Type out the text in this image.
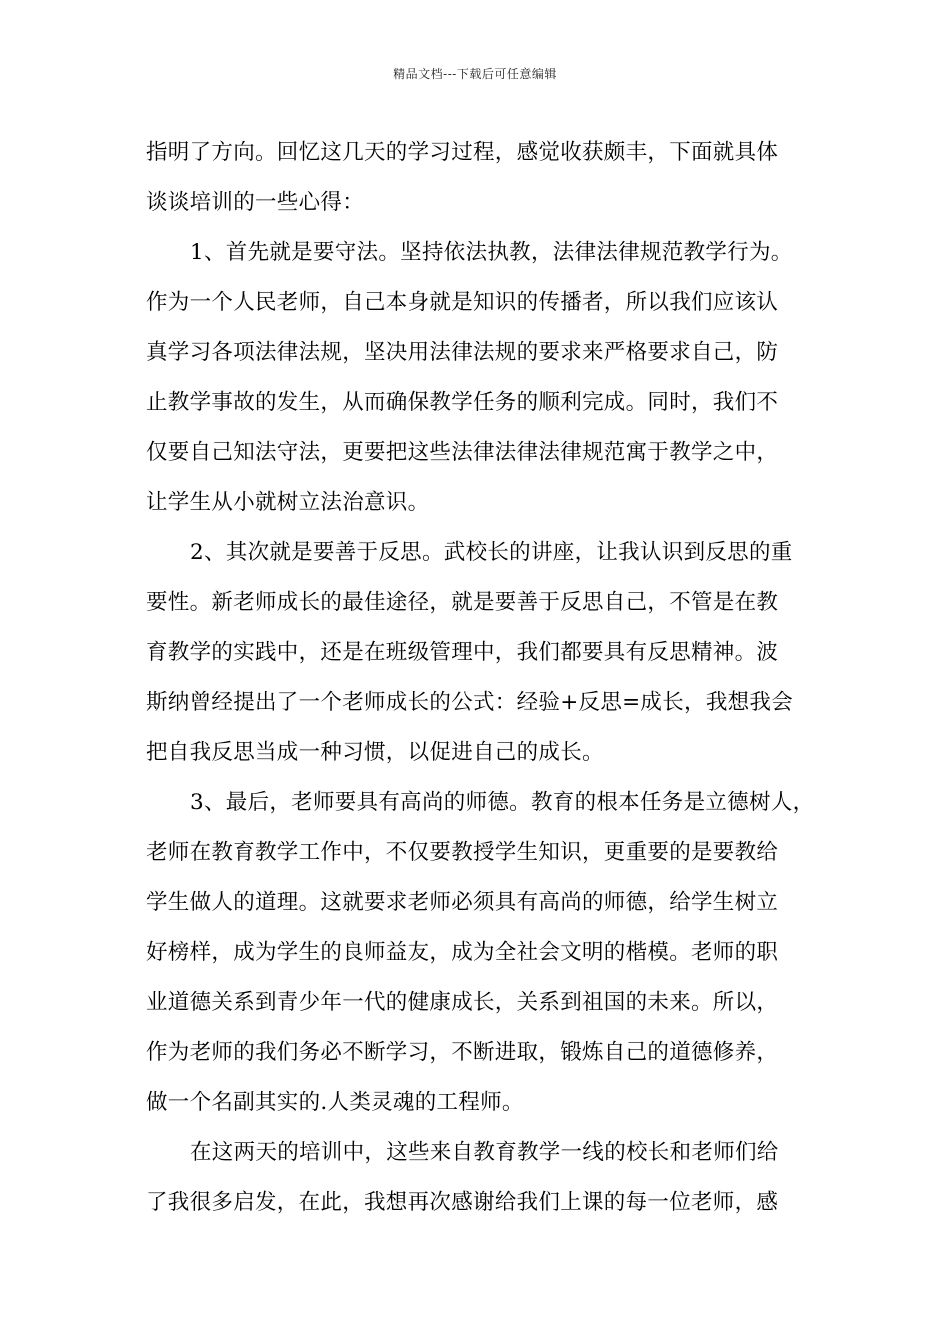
精品文档---下载后可任意编辑
指明了方向。回忆这几天的学习过程，感觉收获颇丰，下面就具体
谈谈培训的一些心得：
1、首先就是要守法。坚持依法执教，法律法律规范教学行为。
作为一个人民老师，自己本身就是知识的传播者，所以我们应该认
真学习各项法律法规，坚决用法律法规的要求来严格要求自己，防
止教学事故的发生，从而确保教学任务的顺利完成。同时，我们不
仅要自己知法守法，更要把这些法律法律法律规范寓于教学之中，
让学生从小就树立法治意识。
2、其次就是要善于反思。武校长的讲座，让我认识到反思的重
要性。新老师成长的最佳途径，就是要善于反思自己，不管是在教
育教学的实践中，还是在班级管理中，我们都要具有反思精神。波
斯纳曾经提出了一个老师成长的公式：经验+反思=成长，我想我会
把自我反思当成一种习惯，以促进自己的成长。
3、最后，老师要具有高尚的师德。教育的根本任务是立德树人，
老师在教育教学工作中，不仅要教授学生知识，更重要的是要教给
学生做人的道理。这就要求老师必须具有高尚的师德，给学生树立
好榜样，成为学生的良师益友，成为全社会文明的楷模。老师的职
业道德关系到青少年一代的健康成长，关系到祖国的未来。所以，
作为老师的我们务必不断学习，不断进取，锻炼自己的道德修养，
做一个名副其实的.人类灵魂的工程师。
在这两天的培训中，这些来自教育教学一线的校长和老师们给
了我很多启发，在此，我想再次感谢给我们上课的每一位老师，感
